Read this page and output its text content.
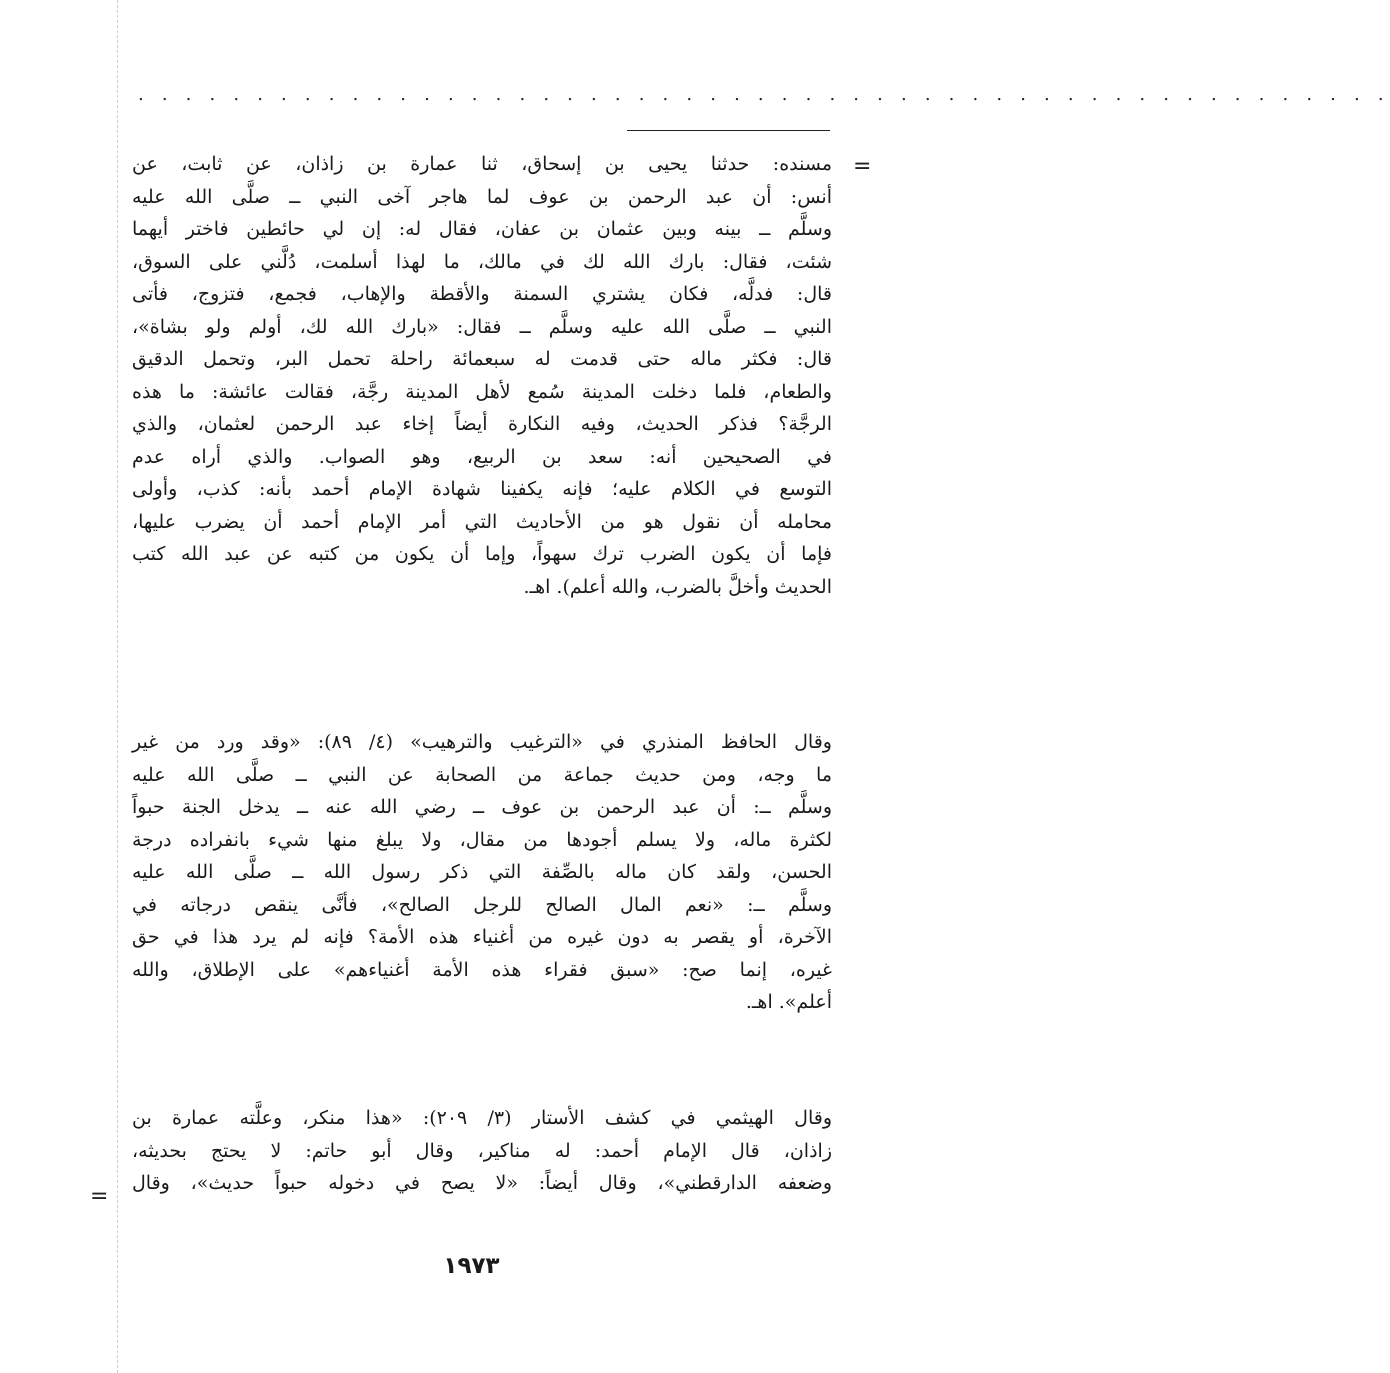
. . . . . . . . . . . . . . . . . . . . . . . . . . . . . . . . . . . . . . . . . . . . . . . . . . . . .
=
مسنده: حدثنا يحيى بن إسحاق، ثنا عمارة بن زاذان، عن ثابت، عن
أنس: أن عبد الرحمن بن عوف لما هاجر آخى النبي ــ صلَّى الله عليه
وسلَّم ــ بينه وبين عثمان بن عفان، فقال له: إن لي حائطين فاختر أيهما
شئت، فقال: بارك الله لك في مالك، ما لهذا أسلمت، دُلَّني على السوق،
قال: فدلَّه، فكان يشتري السمنة والأقطة والإهاب، فجمع، فتزوج، فأتى
النبي ــ صلَّى الله عليه وسلَّم ــ فقال: «بارك الله لك، أولم ولو بشاة»،
قال: فكثر ماله حتى قدمت له سبعمائة راحلة تحمل البر، وتحمل الدقيق
والطعام، فلما دخلت المدينة سُمع لأهل المدينة رجَّة، فقالت عائشة: ما هذه
الرجَّة؟ فذكر الحديث، وفيه النكارة أيضاً إخاء عبد الرحمن لعثمان، والذي
في الصحيحين أنه: سعد بن الربيع، وهو الصواب. والذي أراه عدم
التوسع في الكلام عليه؛ فإنه يكفينا شهادة الإمام أحمد بأنه: كذب، وأولى
محامله أن نقول هو من الأحاديث التي أمر الإمام أحمد أن يضرب عليها،
فإما أن يكون الضرب ترك سهواً، وإما أن يكون من كتبه عن عبد الله كتب
الحديث وأخلَّ بالضرب، والله أعلم). اهـ.
وقال الحافظ المنذري في «الترغيب والترهيب» (٤/ ٨٩): «وقد ورد من غير
ما وجه، ومن حديث جماعة من الصحابة عن النبي ــ صلَّى الله عليه
وسلَّم ــ: أن عبد الرحمن بن عوف ــ رضي الله عنه ــ يدخل الجنة حبواً
لكثرة ماله، ولا يسلم أجودها من مقال، ولا يبلغ منها شيء بانفراده درجة
الحسن، ولقد كان ماله بالصِّفة التي ذكر رسول الله ــ صلَّى الله عليه
وسلَّم ــ: «نعم المال الصالح للرجل الصالح»، فأنَّى ينقص درجاته في
الآخرة، أو يقصر به دون غيره من أغنياء هذه الأمة؟ فإنه لم يرد هذا في حق
غيره، إنما صح: «سبق فقراء هذه الأمة أغنياءهم» على الإطلاق، والله
أعلم». اهـ.
وقال الهيثمي في كشف الأستار (٣/ ٢٠٩): «هذا منكر، وعلَّته عمارة بن
زاذان، قال الإمام أحمد: له مناكير، وقال أبو حاتم: لا يحتج بحديثه،
وضعفه الدارقطني»، وقال أيضاً: «لا يصح في دخوله حبواً حديث»، وقال
=
١٩٧٣
